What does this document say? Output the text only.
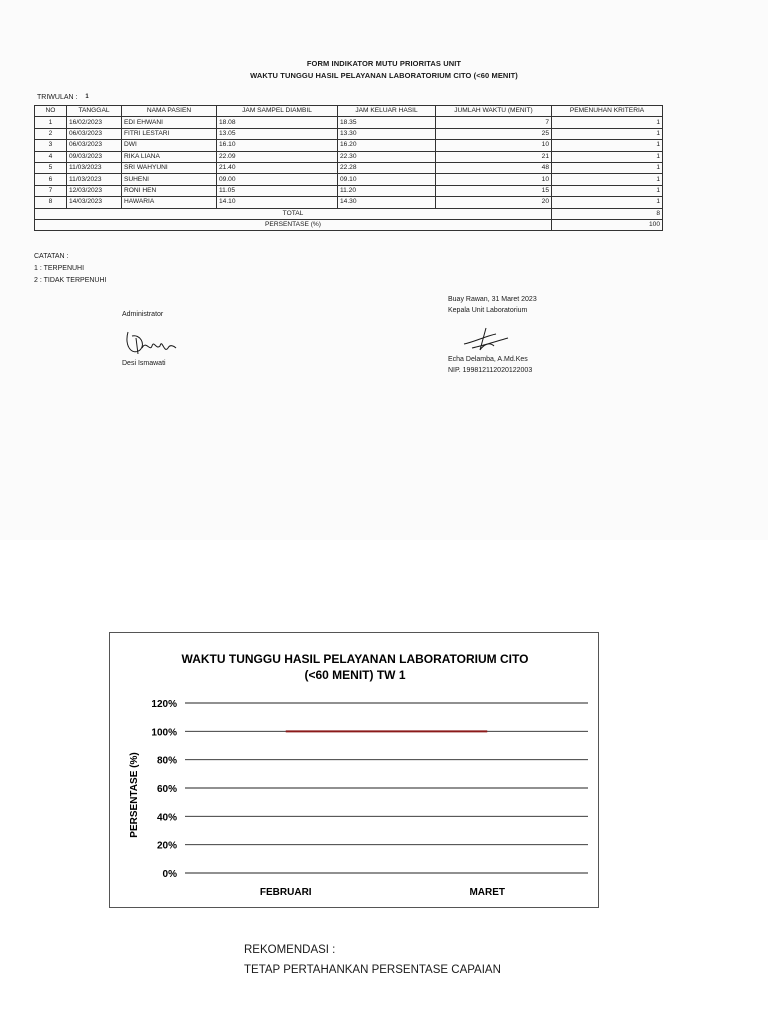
FORM INDIKATOR MUTU PRIORITAS UNIT
WAKTU TUNGGU HASIL PELAYANAN LABORATORIUM CITO (<60 MENIT)
TRIWULAN : 1
NO	TANGGAL	NAMA PASIEN	JAM SAMPEL DIAMBIL	JAM KELUAR HASIL	JUMLAH WAKTU (MENIT)	PEMENUHAN KRITERIA
1	16/02/2023	EDI EHWANI	18.08	18.35	7	1
2	06/03/2023	FITRI LESTARI	13.05	13.30	25	1
3	06/03/2023	DWI	16.10	16.20	10	1
4	09/03/2023	RIKA LIANA	22.09	22.30	21	1
5	11/03/2023	SRI WAHYUNI	21.40	22.28	48	1
6	11/03/2023	SUHENI	09.00	09.10	10	1
7	12/03/2023	RONI HEN	11.05	11.20	15	1
8	14/03/2023	HAWARIA	14.10	14.30	20	1
TOTAL						8
PERSENTASE (%)						100
CATATAN :
1 : TERPENUHI
2 : TIDAK TERPENUHI
Administrator
Desi Ismawati
Buay Rawan, 31 Maret 2023
Kepala Unit Laboratorium
Echa Delamba, A.Md.Kes
NIP. 199812112020122003
WAKTU TUNGGU HASIL PELAYANAN LABORATORIUM CITO
(<60 MENIT) TW 1
PERSENTASE (%)
0%
20%
40%
60%
80%
100%
120%
FEBRUARI	MARET
REKOMENDASI :
TETAP PERTAHANKAN PERSENTASE CAPAIAN
